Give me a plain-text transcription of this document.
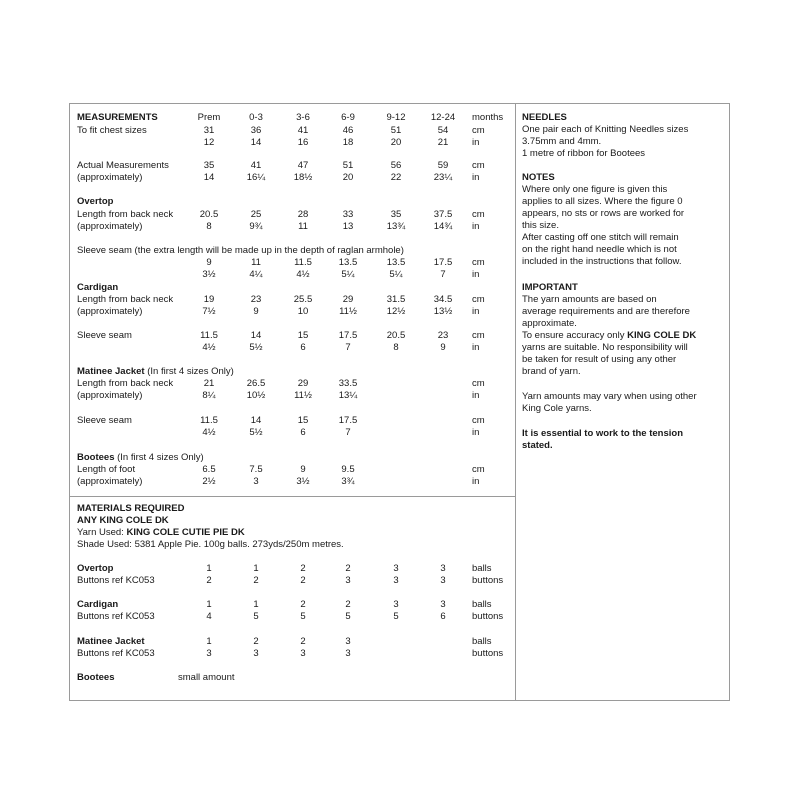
MEASUREMENTS	Prem	0-3	3-6	6-9	9-12	12-24	months
To fit chest sizes	31	36	41	46	51	54	cm
12	14	16	18	20	21	in
Actual Measurements	35	41	47	51	56	59	cm
(approximately)	14	16¼	18½	20	22	23¼	in
Overtop
Length from back neck	20.5	25	28	33	35	37.5	cm
(approximately)	8	9¾	11	13	13¾	14¾	in
Sleeve seam (the extra length will be made up in the depth of raglan armhole)
9	11	11.5	13.5	13.5	17.5	cm
3½	4¼	4½	5¼	5¼	7	in
Cardigan
Length from back neck	19	23	25.5	29	31.5	34.5	cm
(approximately)	7½	9	10	11½	12½	13½	in
Sleeve seam	11.5	14	15	17.5	20.5	23	cm
4½	5½	6	7	8	9	in
Matinee Jacket (In first 4 sizes Only)
Length from back neck	21	26.5	29	33.5	cm
(approximately)	8¼	10½	11½	13¼	in
Sleeve seam	11.5	14	15	17.5	cm
4½	5½	6	7	in
Bootees (In first 4 sizes Only)
Length of foot	6.5	7.5	9	9.5	cm
(approximately)	2½	3	3½	3¾	in
MATERIALS REQUIRED
ANY KING COLE DK
Yarn Used: KING COLE CUTIE PIE DK
Shade Used: 5381 Apple Pie. 100g balls. 273yds/250m metres.
Overtop	1	1	2	2	3	3	balls
Buttons ref KC053	2	2	2	3	3	3	buttons
Cardigan	1	1	2	2	3	3	balls
Buttons ref KC053	4	5	5	5	5	6	buttons
Matinee Jacket	1	2	2	3	balls
Buttons ref KC053	3	3	3	3	buttons
Bootees	small amount

NEEDLES

One pair each of Knitting Needles sizes

3.75mm and 4mm.

1 metre of ribbon for Bootees

NOTES

Where only one figure is given this

applies to all sizes. Where the figure 0

appears, no sts or rows are worked for

this size.

After casting off one stitch will remain

on the right hand needle which is not

included in the instructions that follow.

IMPORTANT

The yarn amounts are based on

average requirements and are therefore

approximate.

To ensure accuracy only KING COLE DK

yarns are suitable. No responsibility will

be taken for result of using any other

brand of yarn.

Yarn amounts may vary when using other

King Cole yarns.

It is essential to work to the tension

stated.
